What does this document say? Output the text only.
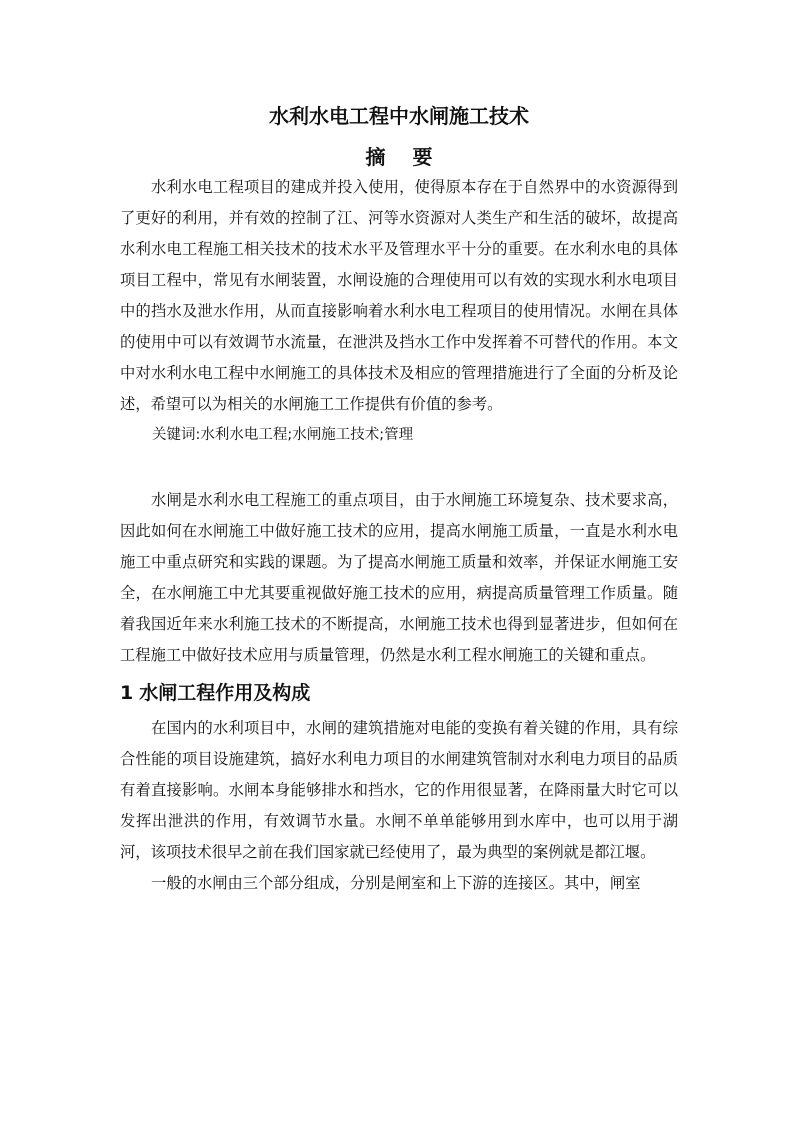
水利水电工程中水闸施工技术
摘 要

水利水电工程项目的建成并投入使用，使得原本存在于自然界中的水资源得到了更好的利用，并有效的控制了江、河等水资源对人类生产和生活的破坏，故提高水利水电工程施工相关技术的技术水平及管理水平十分的重要。在水利水电的具体项目工程中，常见有水闸装置，水闸设施的合理使用可以有效的实现水利水电项目中的挡水及泄水作用，从而直接影响着水利水电工程项目的使用情况。水闸在具体的使用中可以有效调节水流量，在泄洪及挡水工作中发挥着不可替代的作用。本文中对水利水电工程中水闸施工的具体技术及相应的管理措施进行了全面的分析及论述，希望可以为相关的水闸施工工作提供有价值的参考。

关键词:水利水电工程;水闸施工技术;管理

水闸是水利水电工程施工的重点项目，由于水闸施工环境复杂、技术要求高，因此如何在水闸施工中做好施工技术的应用，提高水闸施工质量，一直是水利水电施工中重点研究和实践的课题。为了提高水闸施工质量和效率，并保证水闸施工安全，在水闸施工中尤其要重视做好施工技术的应用，病提高质量管理工作质量。随着我国近年来水利施工技术的不断提高，水闸施工技术也得到显著进步，但如何在工程施工中做好技术应用与质量管理，仍然是水利工程水闸施工的关键和重点。

1 水闸工程作用及构成

在国内的水利项目中，水闸的建筑措施对电能的变换有着关键的作用，具有综合性能的项目设施建筑，搞好水利电力项目的水闸建筑管制对水利电力项目的品质有着直接影响。水闸本身能够排水和挡水，它的作用很显著，在降雨量大时它可以发挥出泄洪的作用，有效调节水量。水闸不单单能够用到水库中，也可以用于湖河，该项技术很早之前在我们国家就已经使用了，最为典型的案例就是都江堰。

一般的水闸由三个部分组成，分别是闸室和上下游的连接区。其中，闸室
